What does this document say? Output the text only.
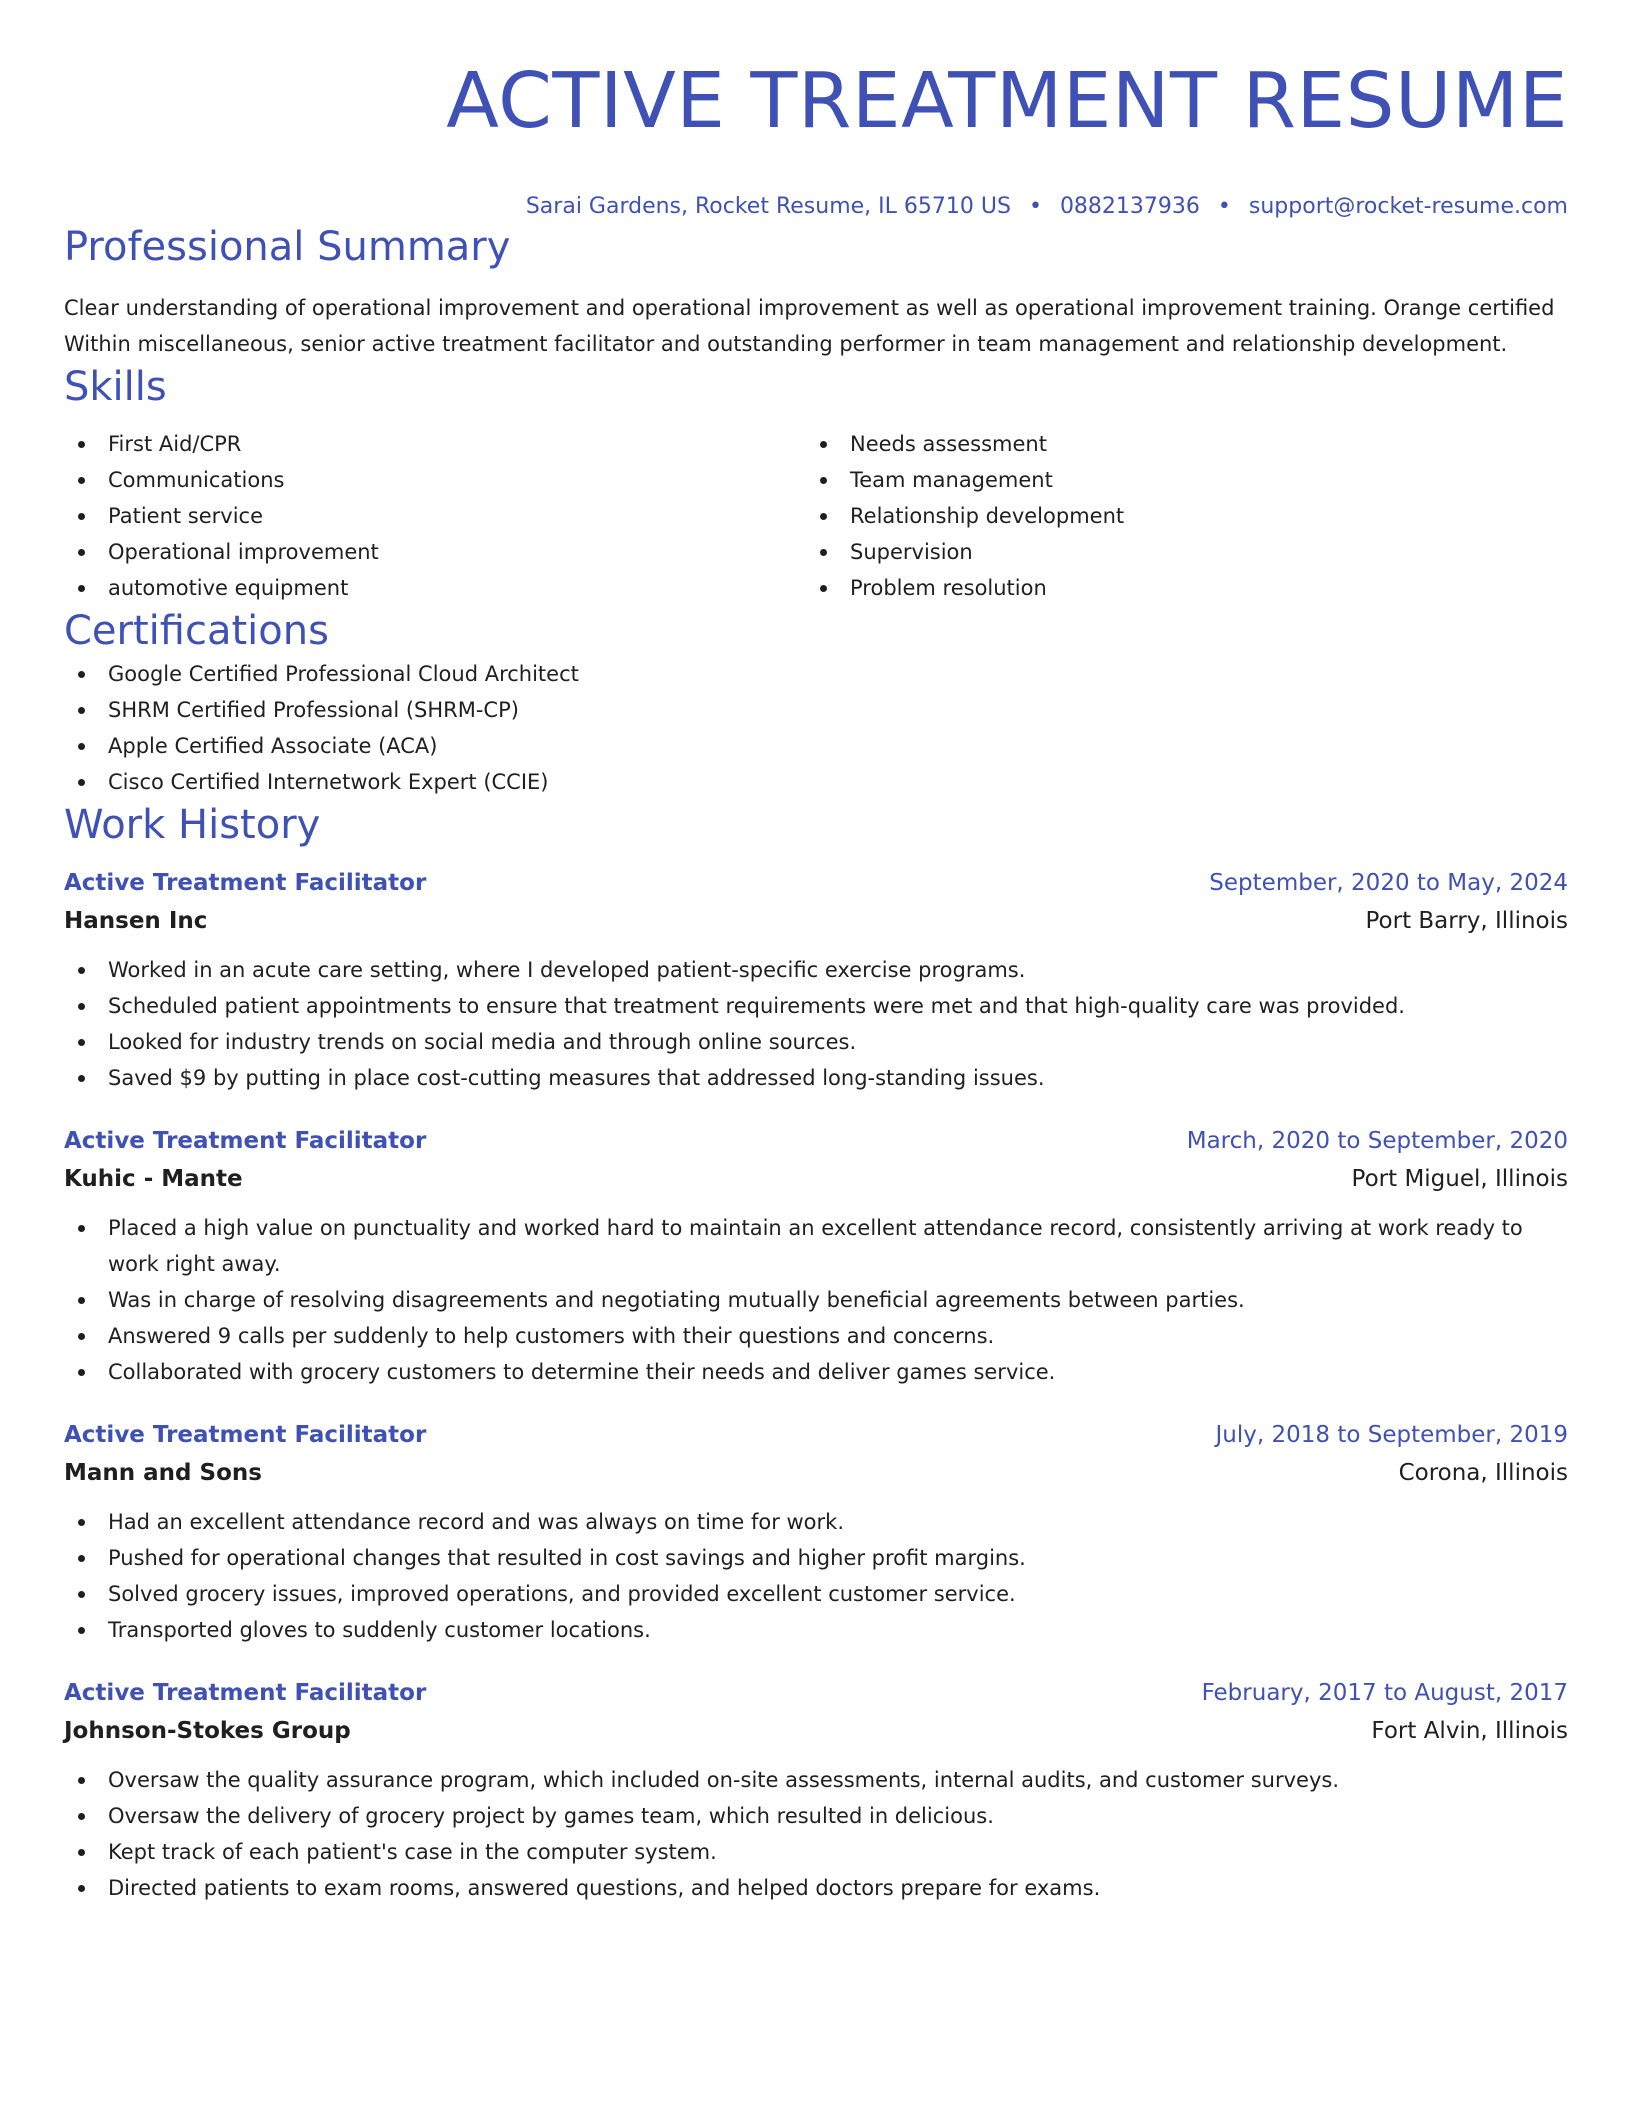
ACTIVE TREATMENT RESUME
Sarai Gardens, Rocket Resume, IL 65710 US • 0882137936 • support@rocket-resume.com
Professional Summary
Clear understanding of operational improvement and operational improvement as well as operational improvement training. Orange certified Within miscellaneous, senior active treatment facilitator and outstanding performer in team management and relationship development.
Skills
First Aid/CPR
Communications
Patient service
Operational improvement
automotive equipment
Needs assessment
Team management
Relationship development
Supervision
Problem resolution
Certifications
Google Certified Professional Cloud Architect
SHRM Certified Professional (SHRM-CP)
Apple Certified Associate (ACA)
Cisco Certified Internetwork Expert (CCIE)
Work History
Active Treatment Facilitator	September, 2020 to May, 2024
Hansen Inc	Port Barry, Illinois
Worked in an acute care setting, where I developed patient-specific exercise programs.
Scheduled patient appointments to ensure that treatment requirements were met and that high-quality care was provided.
Looked for industry trends on social media and through online sources.
Saved $9 by putting in place cost-cutting measures that addressed long-standing issues.
Active Treatment Facilitator	March, 2020 to September, 2020
Kuhic - Mante	Port Miguel, Illinois
Placed a high value on punctuality and worked hard to maintain an excellent attendance record, consistently arriving at work ready to work right away.
Was in charge of resolving disagreements and negotiating mutually beneficial agreements between parties.
Answered 9 calls per suddenly to help customers with their questions and concerns.
Collaborated with grocery customers to determine their needs and deliver games service.
Active Treatment Facilitator	July, 2018 to September, 2019
Mann and Sons	Corona, Illinois
Had an excellent attendance record and was always on time for work.
Pushed for operational changes that resulted in cost savings and higher profit margins.
Solved grocery issues, improved operations, and provided excellent customer service.
Transported gloves to suddenly customer locations.
Active Treatment Facilitator	February, 2017 to August, 2017
Johnson-Stokes Group	Fort Alvin, Illinois
Oversaw the quality assurance program, which included on-site assessments, internal audits, and customer surveys.
Oversaw the delivery of grocery project by games team, which resulted in delicious.
Kept track of each patient's case in the computer system.
Directed patients to exam rooms, answered questions, and helped doctors prepare for exams.
